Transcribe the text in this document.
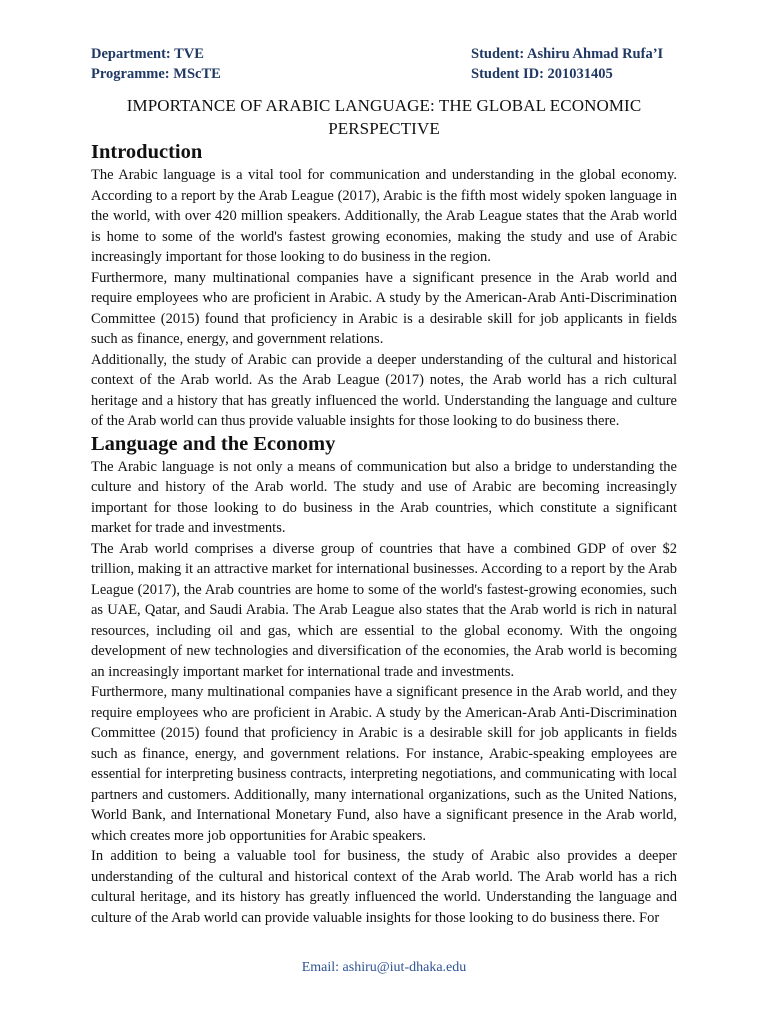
Department: TVE	Student: Ashiru Ahmad Rufa’I
Programme: MScTE	Student ID: 201031405
IMPORTANCE OF ARABIC LANGUAGE: THE GLOBAL ECONOMIC PERSPECTIVE
Introduction

The Arabic language is a vital tool for communication and understanding in the global economy. According to a report by the Arab League (2017), Arabic is the fifth most widely spoken language in the world, with over 420 million speakers. Additionally, the Arab League states that the Arab world is home to some of the world's fastest growing economies, making the study and use of Arabic increasingly important for those looking to do business in the region.

Furthermore, many multinational companies have a significant presence in the Arab world and require employees who are proficient in Arabic. A study by the American-Arab Anti-Discrimination Committee (2015) found that proficiency in Arabic is a desirable skill for job applicants in fields such as finance, energy, and government relations.

Additionally, the study of Arabic can provide a deeper understanding of the cultural and historical context of the Arab world. As the Arab League (2017) notes, the Arab world has a rich cultural heritage and a history that has greatly influenced the world. Understanding the language and culture of the Arab world can thus provide valuable insights for those looking to do business there.

Language and the Economy

The Arabic language is not only a means of communication but also a bridge to understanding the culture and history of the Arab world. The study and use of Arabic are becoming increasingly important for those looking to do business in the Arab countries, which constitute a significant market for trade and investments.

The Arab world comprises a diverse group of countries that have a combined GDP of over $2 trillion, making it an attractive market for international businesses. According to a report by the Arab League (2017), the Arab countries are home to some of the world's fastest-growing economies, such as UAE, Qatar, and Saudi Arabia. The Arab League also states that the Arab world is rich in natural resources, including oil and gas, which are essential to the global economy. With the ongoing development of new technologies and diversification of the economies, the Arab world is becoming an increasingly important market for international trade and investments.

Furthermore, many multinational companies have a significant presence in the Arab world, and they require employees who are proficient in Arabic. A study by the American-Arab Anti-Discrimination Committee (2015) found that proficiency in Arabic is a desirable skill for job applicants in fields such as finance, energy, and government relations. For instance, Arabic-speaking employees are essential for interpreting business contracts, interpreting negotiations, and communicating with local partners and customers. Additionally, many international organizations, such as the United Nations, World Bank, and International Monetary Fund, also have a significant presence in the Arab world, which creates more job opportunities for Arabic speakers.

In addition to being a valuable tool for business, the study of Arabic also provides a deeper understanding of the cultural and historical context of the Arab world. The Arab world has a rich cultural heritage, and its history has greatly influenced the world. Understanding the language and culture of the Arab world can provide valuable insights for those looking to do business there. For

Email: ashiru@iut-dhaka.edu
